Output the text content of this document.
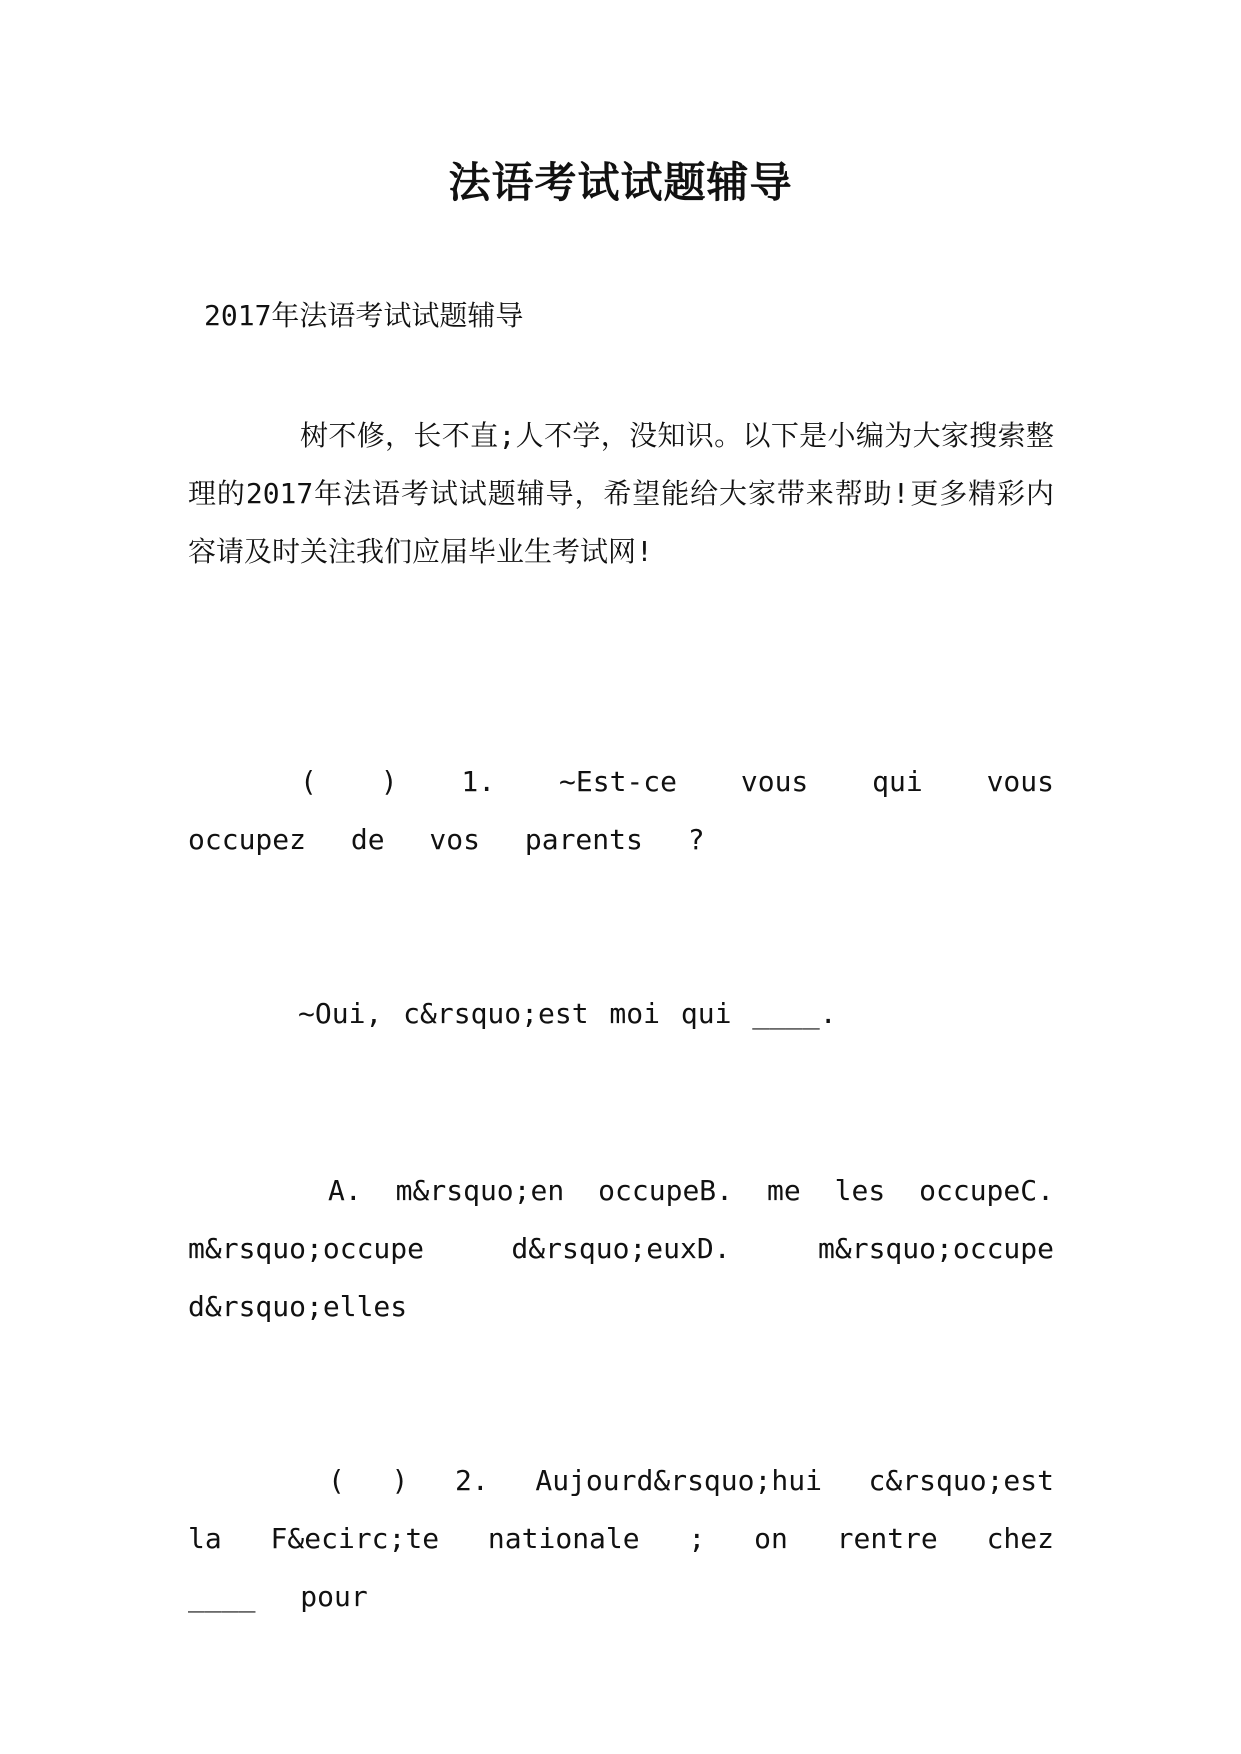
法语考试试题辅导
2017年法语考试试题辅导
树不修，长不直;人不学，没知识。以下是小编为大家搜索整理的2017年法语考试试题辅导，希望能给大家带来帮助!更多精彩内容请及时关注我们应届毕业生考试网!
( ) 1. ~Est-ce vous qui vous occupez de vos parents ?
~Oui, c&rsquo;est moi qui ____.
A. m&rsquo;en occupeB. me les occupeC. m&rsquo;occupe d&rsquo;euxD. m&rsquo;occupe d&rsquo;elles
( ) 2. Aujourd&rsquo;hui c&rsquo;est la F&ecirc;te nationale ; on rentre chez ____ pour
